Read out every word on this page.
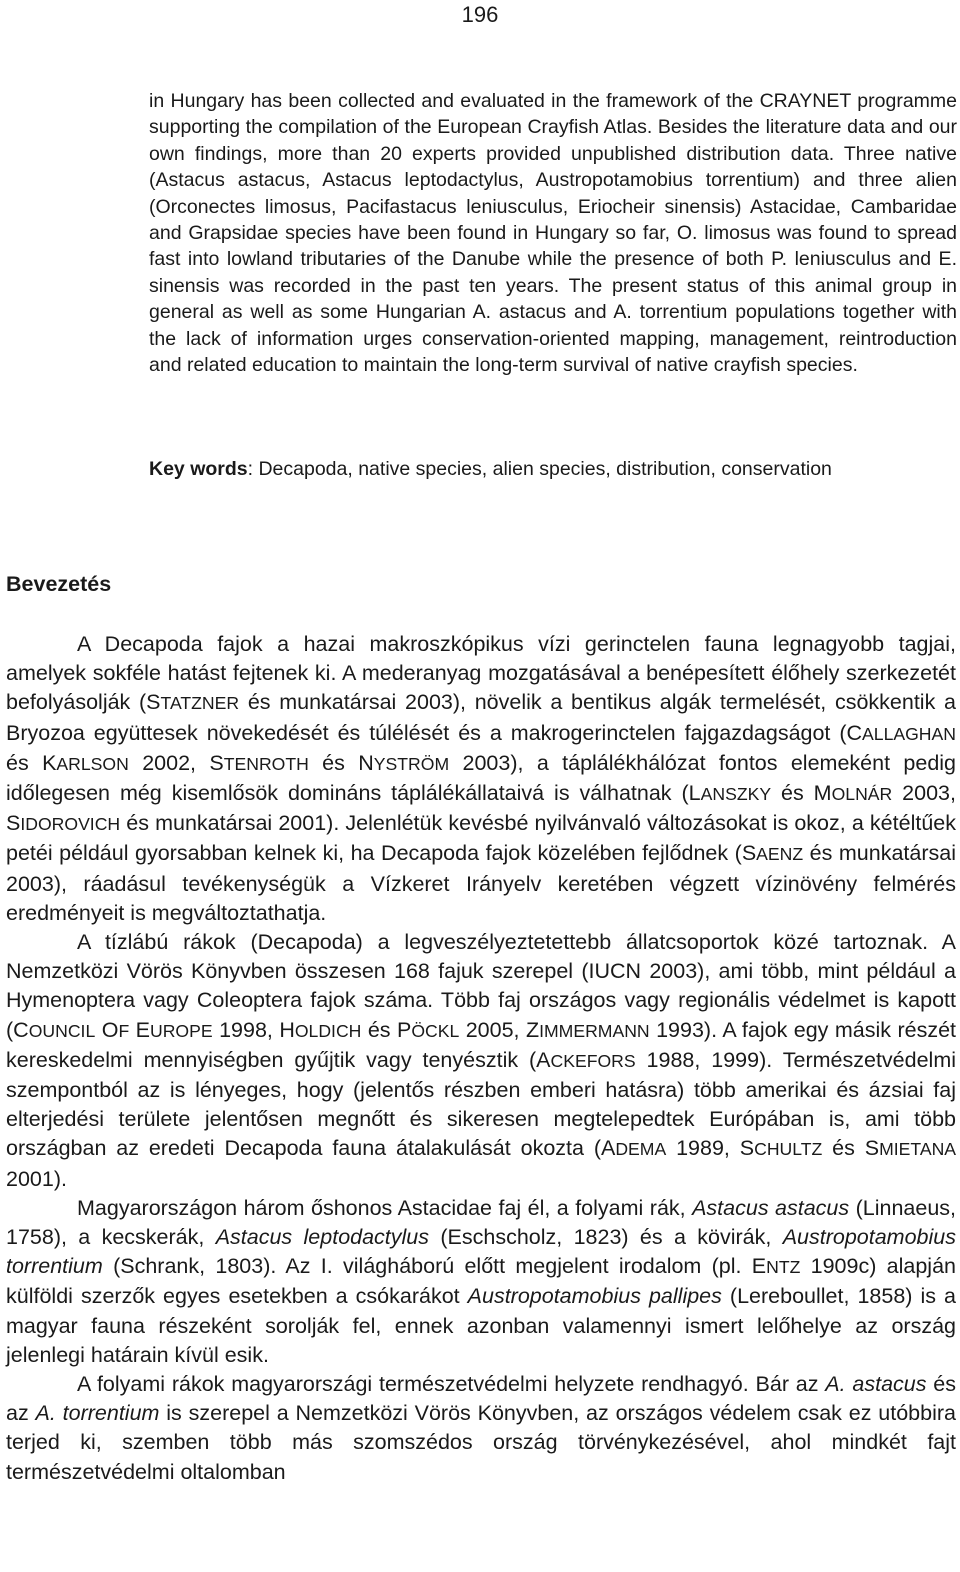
196

in Hungary has been collected and evaluated in the framework of the CRAYNET programme supporting the compilation of the European Crayfish Atlas. Besides the literature data and our own findings, more than 20 experts provided unpublished distribution data. Three native (Astacus astacus, Astacus leptodactylus, Austropotamobius torrentium) and three alien (Orconectes limosus, Pacifastacus leniusculus, Eriocheir sinensis) Astacidae, Cambaridae and Grapsidae species have been found in Hungary so far, O. limosus was found to spread fast into lowland tributaries of the Danube while the presence of both P. leniusculus and E. sinensis was recorded in the past ten years. The present status of this animal group in general as well as some Hungarian A. astacus and A. torrentium populations together with the lack of information urges conservation-oriented mapping, management, reintroduction and related education to maintain the long-term survival of native crayfish species.

Key words: Decapoda, native species, alien species, distribution, conservation
Bevezetés

A Decapoda fajok a hazai makroszkópikus vízi gerinctelen fauna legnagyobb tagjai, amelyek sokféle hatást fejtenek ki. A mederanyag mozgatásával a benépesített élőhely szerkezetét befolyásolják (STATZNER és munkatársai 2003), növelik a bentikus algák termelését, csökkentik a Bryozoa együttesek növekedését és túlélését és a makrogerinctelen fajgazdagságot (CALLAGHAN és KARLSON 2002, STENROTH és NYSTRÖM 2003), a táplálékhálózat fontos elemeként pedig időlegesen még kisemlősök domináns táplálékállataivá is válhatnak (LANSZKY és MOLNÁR 2003, SIDOROVICH és munkatársai 2001). Jelenlétük kevésbé nyilvánvaló változásokat is okoz, a kétéltűek petéi például gyorsabban kelnek ki, ha Decapoda fajok közelében fejlődnek (SAENZ és munkatársai 2003), ráadásul tevékenységük a Vízkeret Irányelv keretében végzett vízinövény felmérés eredményeit is megváltoztathatja.

A tízlábú rákok (Decapoda) a legveszélyeztetettebb állatcsoportok közé tartoznak. A Nemzetközi Vörös Könyvben összesen 168 fajuk szerepel (IUCN 2003), ami több, mint például a Hymenoptera vagy Coleoptera fajok száma. Több faj országos vagy regionális védelmet is kapott (COUNCIL OF EUROPE 1998, HOLDICH és PÖCKL 2005, ZIMMERMANN 1993). A fajok egy másik részét kereskedelmi mennyiségben gyűjtik vagy tenyésztik (ACKEFORS 1988, 1999). Természetvédelmi szempontból az is lényeges, hogy (jelentős részben emberi hatásra) több amerikai és ázsiai faj elterjedési területe jelentősen megnőtt és sikeresen megtelepedtek Európában is, ami több országban az eredeti Decapoda fauna átalakulását okozta (ADEMA 1989, SCHULTZ és SMIETANA 2001).

Magyarországon három őshonos Astacidae faj él, a folyami rák, Astacus astacus (Linnaeus, 1758), a kecskerák, Astacus leptodactylus (Eschscholz, 1823) és a kövirák, Austropotamobius torrentium (Schrank, 1803). Az I. világháború előtt megjelent irodalom (pl. ENTZ 1909c) alapján külföldi szerzők egyes esetekben a csókarákot Austropotamobius pallipes (Lereboullet, 1858) is a magyar fauna részeként sorolják fel, ennek azonban valamennyi ismert lelőhelye az ország jelenlegi határain kívül esik.

A folyami rákok magyarországi természetvédelmi helyzete rendhagyó. Bár az A. astacus és az A. torrentium is szerepel a Nemzetközi Vörös Könyvben, az országos védelem csak ez utóbbira terjed ki, szemben több más szomszédos ország törvénykezésével, ahol mindkét fajt természetvédelmi oltalomban
